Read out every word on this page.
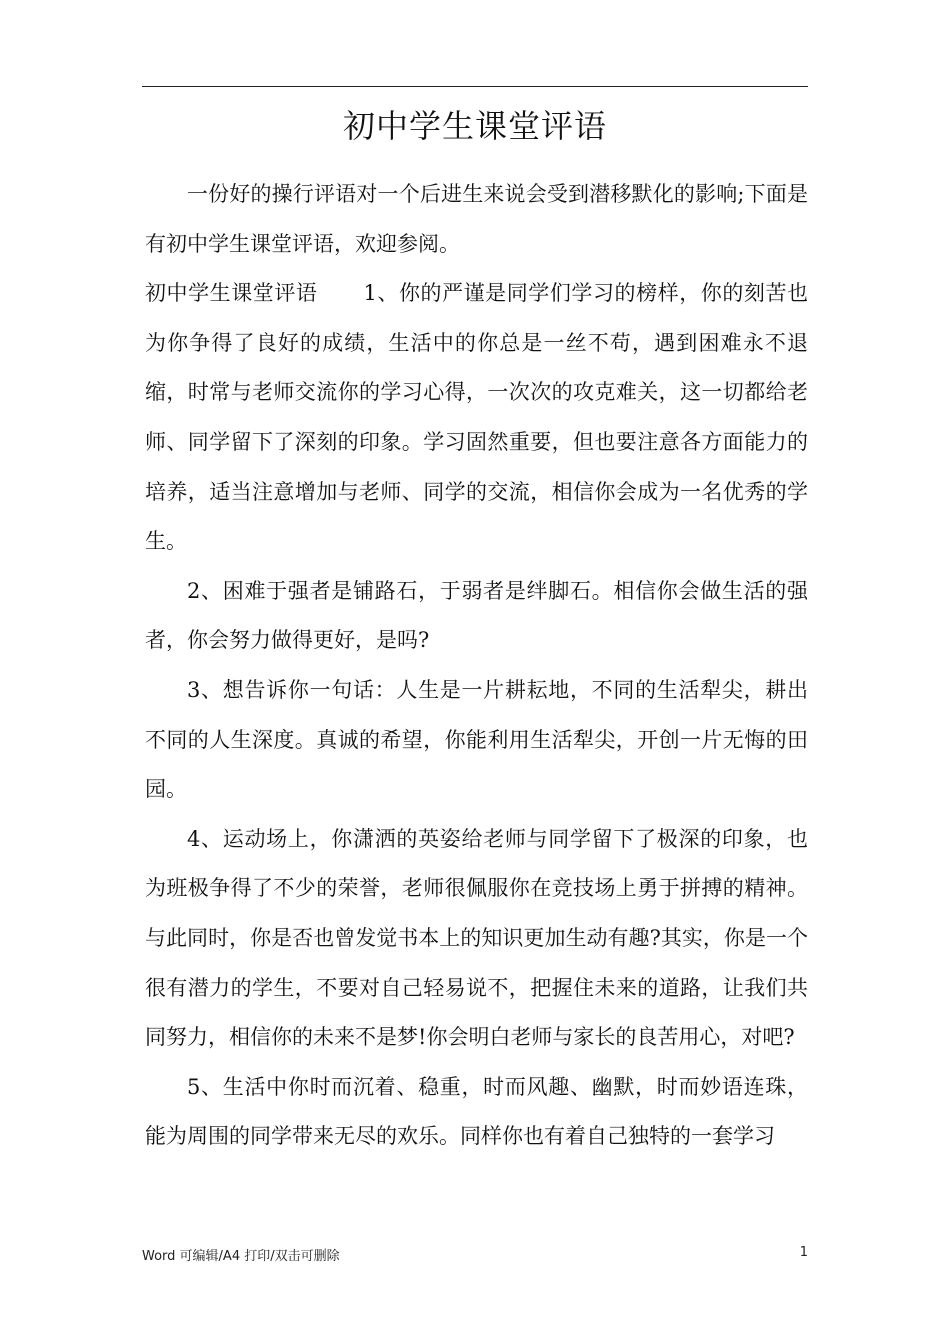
初中学生课堂评语

一份好的操行评语对一个后进生来说会受到潜移默化的影响;下面是有初中学生课堂评语，欢迎参阅。

初中学生课堂评语 1、你的严谨是同学们学习的榜样，你的刻苦也为你争得了良好的成绩，生活中的你总是一丝不苟，遇到困难永不退缩，时常与老师交流你的学习心得，一次次的攻克难关，这一切都给老师、同学留下了深刻的印象。学习固然重要，但也要注意各方面能力的培养，适当注意增加与老师、同学的交流，相信你会成为一名优秀的学生。

2、困难于强者是铺路石，于弱者是绊脚石。相信你会做生活的强者，你会努力做得更好，是吗?

3、想告诉你一句话：人生是一片耕耘地，不同的生活犁尖，耕出不同的人生深度。真诚的希望，你能利用生活犁尖，开创一片无悔的田园。

4、运动场上，你潇洒的英姿给老师与同学留下了极深的印象，也为班极争得了不少的荣誉，老师很佩服你在竞技场上勇于拼搏的精神。与此同时，你是否也曾发觉书本上的知识更加生动有趣?其实，你是一个很有潜力的学生，不要对自己轻易说不，把握住未来的道路，让我们共同努力，相信你的未来不是梦!你会明白老师与家长的良苦用心，对吧?

5、生活中你时而沉着、稳重，时而风趣、幽默，时而妙语连珠，能为周围的同学带来无尽的欢乐。同样你也有着自己独特的一套学习

Word 可编辑/A4 打印/双击可删除	1
